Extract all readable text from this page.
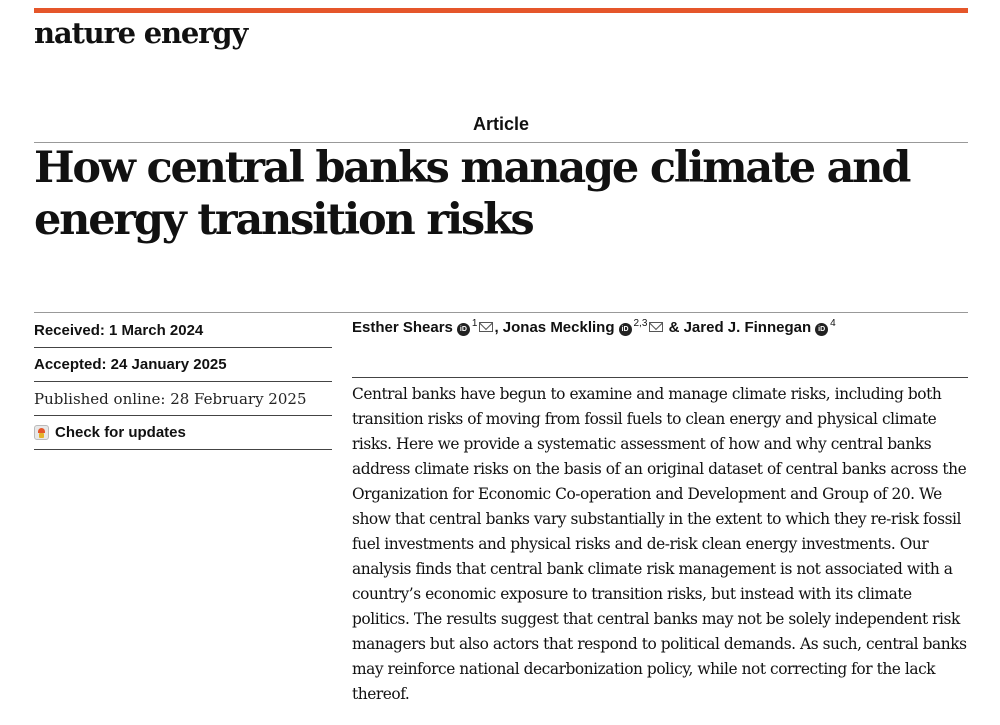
nature energy
Article
How central banks manage climate and
energy transition risks
Received: 1 March 2024
Accepted: 24 January 2025
Published online: 28 February 2025
Check for updates
Esther Shears $iD^1$ , Jonas Meckling iD$^{2,3}$ & Jared J. Finnegan $iD^4$

Central banks have begun to examine and manage climate risks, including both transition risks of moving from fossil fuels to clean energy and physical climate risks. Here we provide a systematic assessment of how and why central banks address climate risks on the basis of an original dataset of central banks across the Organization for Economic Co-operation and Development and Group of 20. We show that central banks vary substantially in the extent to which they re-risk fossil fuel investments and physical risks and de-risk clean energy investments. Our analysis finds that central bank climate risk management is not associated with a country’s economic exposure to transition risks, but instead with its climate politics. The results suggest that central banks may not be solely independent risk managers but also actors that respond to political demands. As such, central banks may reinforce national decarbonization policy, while not correcting for the lack thereof.
